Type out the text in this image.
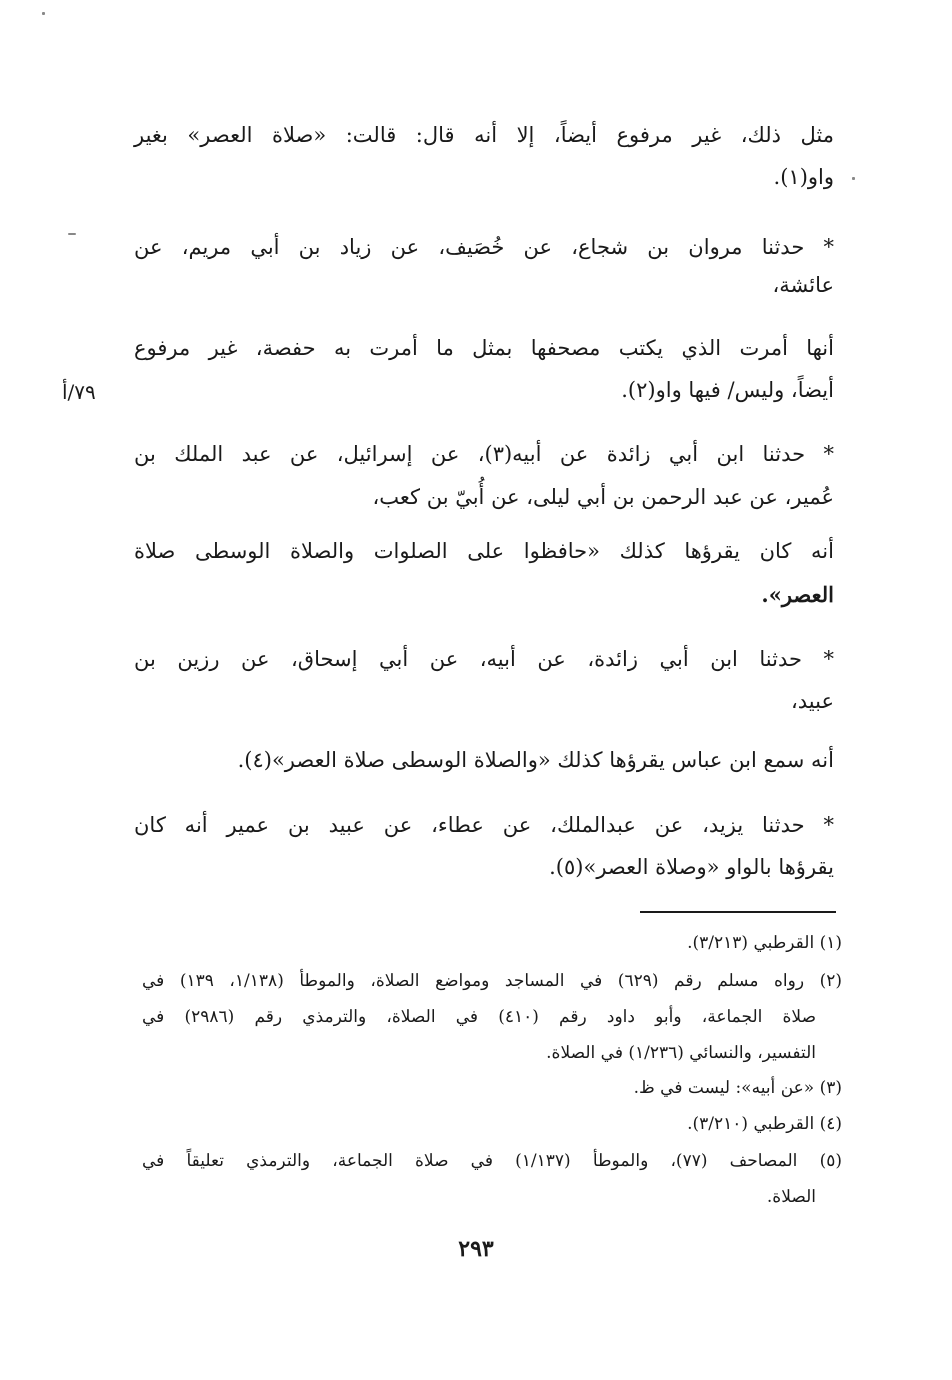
مثل ذلك، غير مرفوع أيضاً، إلا أنه قال: قالت: «صلاة العصر» بغير
واو(١).
* حدثنا مروان بن شجاع، عن خُصَيف، عن زياد بن أبي مريم، عن
عائشة،
أنها أمرت الذي يكتب مصحفها بمثل ما أمرت به حفصة، غير مرفوع
أيضاً، وليس/ فيها واو(٢).
* حدثنا ابن أبي زائدة عن أبيه(٣)، عن إسرائيل، عن عبد الملك بن
عُمير، عن عبد الرحمن بن أبي ليلى، عن أُبيّ بن كعب،
أنه كان يقرؤها كذلك «حافظوا على الصلوات والصلاة الوسطى صلاة
العصر».
* حدثنا ابن أبي زائدة، عن أبيه، عن أبي إسحاق، عن رزين بن
عبيد،
أنه سمع ابن عباس يقرؤها كذلك «والصلاة الوسطى صلاة العصر»(٤).
* حدثنا يزيد، عن عبدالملك، عن عطاء، عن عبيد بن عمير أنه كان
يقرؤها بالواو «وصلاة العصر»(٥).
٧٩/أ
(١) القرطبي (٣/٢١٣).
(٢) رواه مسلم رقم (٦٢٩) في المساجد ومواضع الصلاة، والموطأ (١/١٣٨، ١٣٩) في
صلاة الجماعة، وأبو داود رقم (٤١٠) في الصلاة، والترمذي رقم (٢٩٨٦) في
التفسير، والنسائي (١/٢٣٦) في الصلاة.
(٣) «عن أبيه»: ليست في ظ.
(٤) القرطبي (٣/٢١٠).
(٥) المصاحف (٧٧)، والموطأ (١/١٣٧) في صلاة الجماعة، والترمذي تعليقاً في
الصلاة.
٢٩٣
